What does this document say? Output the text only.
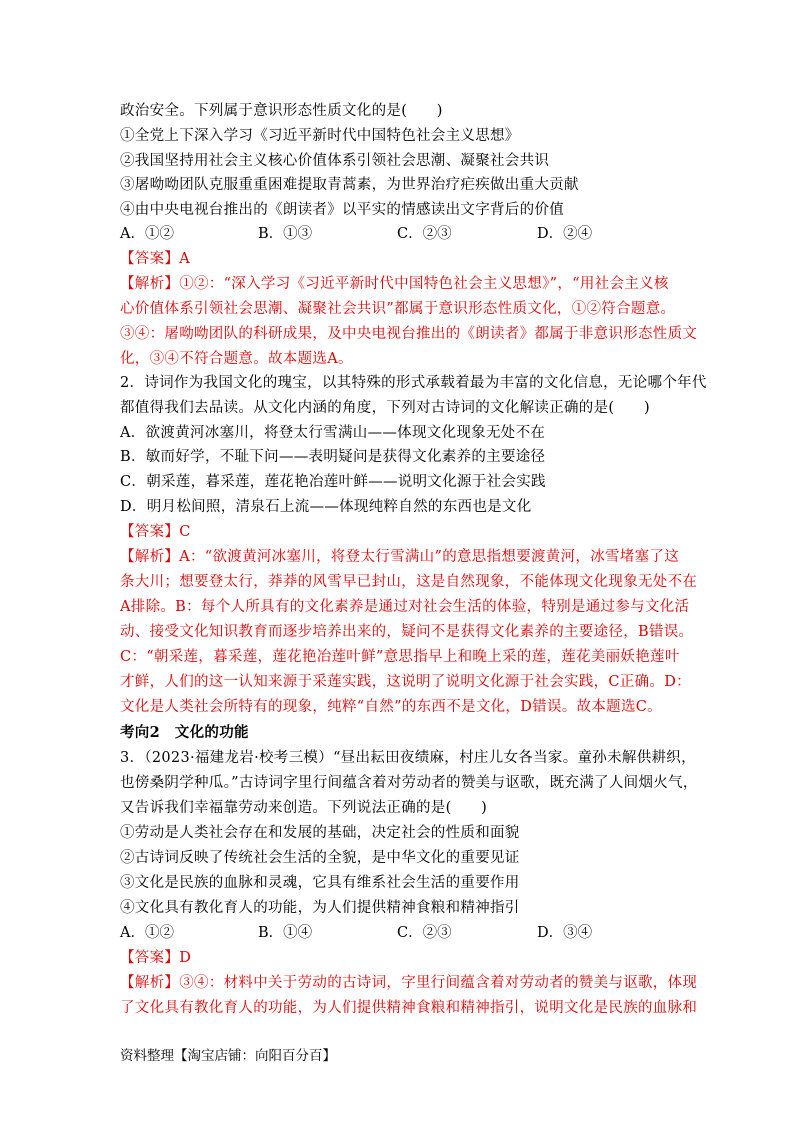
政治安全。下列属于意识形态性质文化的是(　　)
①全党上下深入学习《习近平新时代中国特色社会主义思想》
②我国坚持用社会主义核心价值体系引领社会思潮、凝聚社会共识
③屠呦呦团队克服重重困难提取青蒿素，为世界治疗疟疾做出重大贡献
④由中央电视台推出的《朗读者》以平实的情感读出文字背后的价值
A．①②	B．①③	C．②③	D．②④
【答案】A
【解析】①②：“深入学习《习近平新时代中国特色社会主义思想》”，“用社会主义核
心价值体系引领社会思潮、凝聚社会共识”都属于意识形态性质文化，①②符合题意。
③④：屠呦呦团队的科研成果，及中央电视台推出的《朗读者》都属于非意识形态性质文
化，③④不符合题意。故本题选A。
2．诗词作为我国文化的瑰宝，以其特殊的形式承载着最为丰富的文化信息，无论哪个年代
都值得我们去品读。从文化内涵的角度，下列对古诗词的文化解读正确的是(　　)
A．欲渡黄河冰塞川，将登太行雪满山——体现文化现象无处不在
B．敏而好学，不耻下问——表明疑问是获得文化素养的主要途径
C．朝采莲，暮采莲，莲花艳冶莲叶鲜——说明文化源于社会实践
D．明月松间照，清泉石上流——体现纯粹自然的东西也是文化
【答案】C
【解析】A：“欲渡黄河冰塞川，将登太行雪满山”的意思指想要渡黄河，冰雪堵塞了这
条大川；想要登太行，莽莽的风雪早已封山，这是自然现象，不能体现文化现象无处不在
A排除。B：每个人所具有的文化素养是通过对社会生活的体验，特别是通过参与文化活
动、接受文化知识教育而逐步培养出来的，疑问不是获得文化素养的主要途径，B错误。
C：“朝采莲，暮采莲，莲花艳冶莲叶鲜”意思指早上和晚上采的莲，莲花美丽妖艳莲叶
才鲜，人们的这一认知来源于采莲实践，这说明了说明文化源于社会实践，C正确。D：
文化是人类社会所特有的现象，纯粹“自然”的东西不是文化，D错误。故本题选C。
考向2　文化的功能
3．（2023·福建龙岩·校考三模）“昼出耘田夜绩麻，村庄儿女各当家。童孙未解供耕织，
也傍桑阴学种瓜。”古诗词字里行间蕴含着对劳动者的赞美与讴歌，既充满了人间烟火气，
又告诉我们幸福靠劳动来创造。下列说法正确的是(　　)
①劳动是人类社会存在和发展的基础，决定社会的性质和面貌
②古诗词反映了传统社会生活的全貌，是中华文化的重要见证
③文化是民族的血脉和灵魂，它具有维系社会生活的重要作用
④文化具有教化育人的功能，为人们提供精神食粮和精神指引
A．①②	B．①④	C．②③	D．③④
【答案】D
【解析】③④：材料中关于劳动的古诗词，字里行间蕴含着对劳动者的赞美与讴歌，体现
了文化具有教化育人的功能，为人们提供精神食粮和精神指引，说明文化是民族的血脉和
资料整理【淘宝店铺：向阳百分百】
